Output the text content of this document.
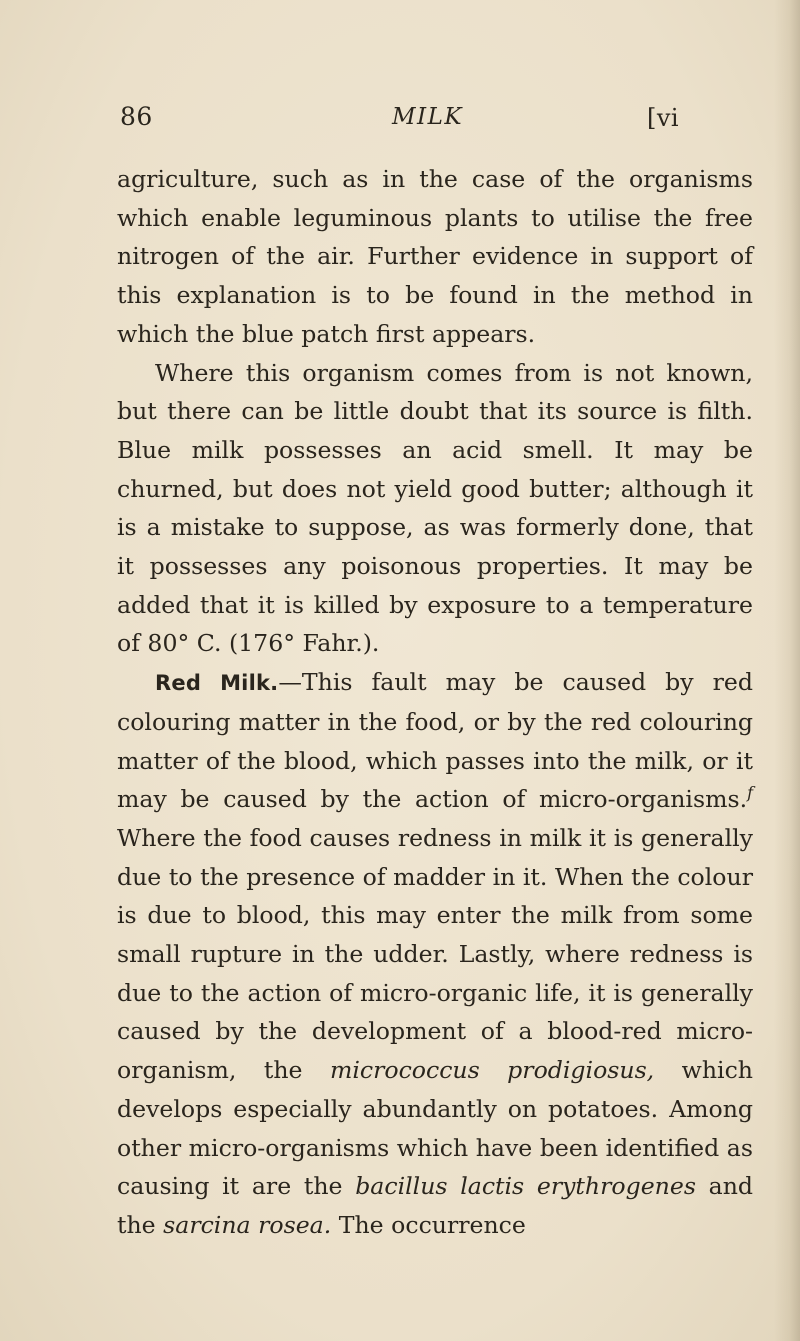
86	MILK	[vi

agriculture, such as in the case of the organisms which enable leguminous plants to utilise the free nitrogen of the air. Further evidence in support of this explanation is to be found in the method in which the blue patch first appears.

Where this organism comes from is not known, but there can be little doubt that its source is filth. Blue milk possesses an acid smell. It may be churned, but does not yield good butter; although it is a mistake to suppose, as was formerly done, that it possesses any poisonous properties. It may be added that it is killed by exposure to a temperature of 80° C. (176° Fahr.).

Red Milk.—This fault may be caused by red colouring matter in the food, or by the red colouring matter of the blood, which passes into the milk, or it may be caused by the action of micro-organisms.$^f$ Where the food causes redness in milk it is generally due to the presence of madder in it. When the colour is due to blood, this may enter the milk from some small rupture in the udder. Lastly, where redness is due to the action of micro-organic life, it is generally caused by the development of a blood-red micro-organism, the micrococcus prodigiosus, which develops especially abundantly on potatoes. Among other micro-organisms which have been identified as causing it are the bacillus lactis erythrogenes and the sarcina rosea. The occurrence
